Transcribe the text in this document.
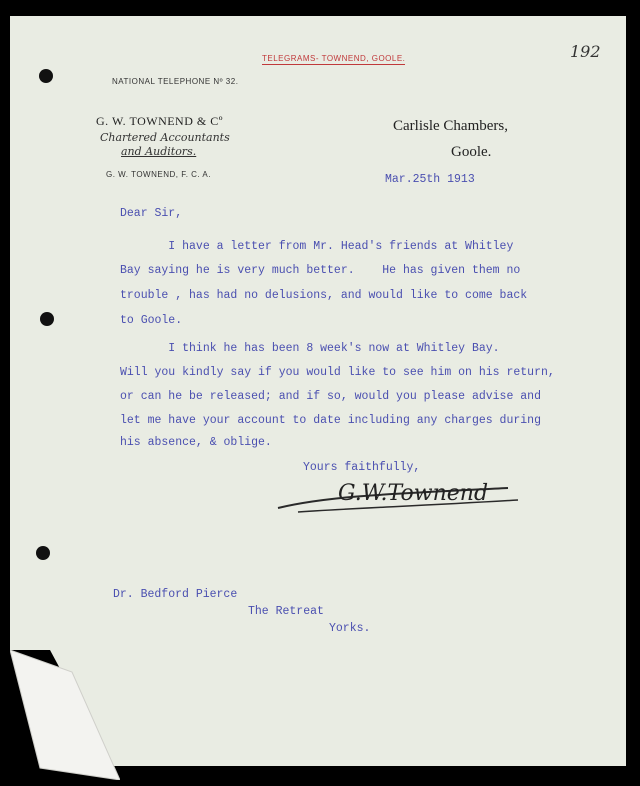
192
TELEGRAMS- TOWNEND, GOOLE.
NATIONAL TELEPHONE Nº 32.
G. W. TOWNEND & Cº
Chartered Accountants
and Auditors.
G. W. TOWNEND, F. C. A.
Carlisle Chambers,
Goole.
Mar.25th 1913
Dear Sir,
I have a letter from Mr. Head's friends at Whitley
Bay saying he is very much better.    He has given them no
trouble , has had no delusions, and would like to come back
to Goole.
I think he has been 8 week's now at Whitley Bay.
Will you kindly say if you would like to see him on his return,
or can he be released; and if so, would you please advise and
let me have your account to date including any charges during
his absence, & oblige.
Yours faithfully,
G.W.Townend
Dr. Bedford Pierce
The Retreat
Yorks.
